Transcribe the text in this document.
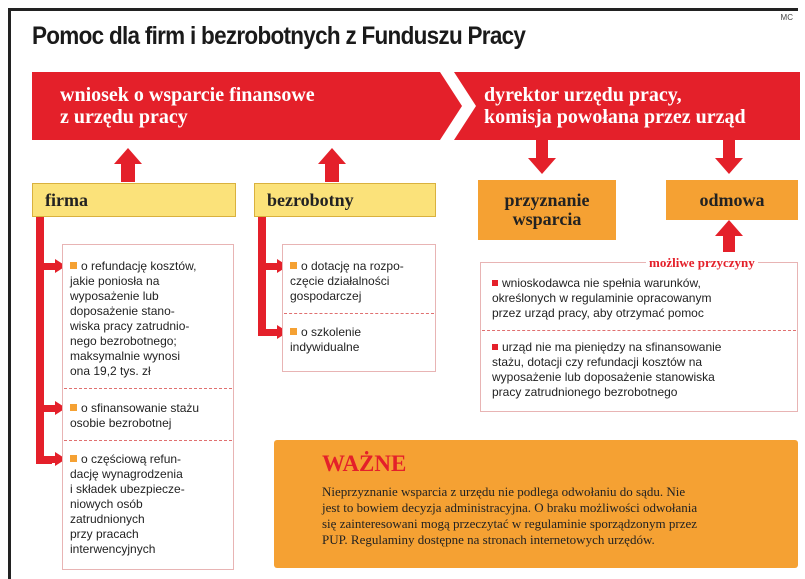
MC
Pomoc dla firm i bezrobotnych z Funduszu Pracy
wniosek o wsparcie finansowe
z urzędu pracy
dyrektor urzędu pracy,
komisja powołana przez urząd
firma
o refundację kosztów,
jakie poniosła na
wyposażenie lub
doposażenie stano-
wiska pracy zatrudnio-
nego bezrobotnego;
maksymalnie wynosi
ona 19,2 tys. zł
o sfinansowanie stażu
osobie bezrobotnej
o częściową refun-
dację wynagrodzenia
i składek ubezpiecze-
niowych osób
zatrudnionych
przy pracach
interwencyjnych
bezrobotny
o dotację na rozpo-
częcie działalności
gospodarczej
o szkolenie
indywidualne
przyznanie
wsparcia
odmowa
możliwe przyczyny
wnioskodawca nie spełnia warunków,
określonych w regulaminie opracowanym
przez urząd pracy, aby otrzymać pomoc
urząd nie ma pieniędzy na sfinansowanie
stażu, dotacji czy refundacji kosztów na
wyposażenie lub doposażenie stanowiska
pracy zatrudnionego bezrobotnego
WAŻNE
Nieprzyznanie wsparcia z urzędu nie podlega odwołaniu do sądu. Nie
jest to bowiem decyzja administracyjna. O braku możliwości odwołania
się zainteresowani mogą przeczytać w regulaminie sporządzonym przez
PUP. Regulaminy dostępne na stronach internetowych urzędów.
